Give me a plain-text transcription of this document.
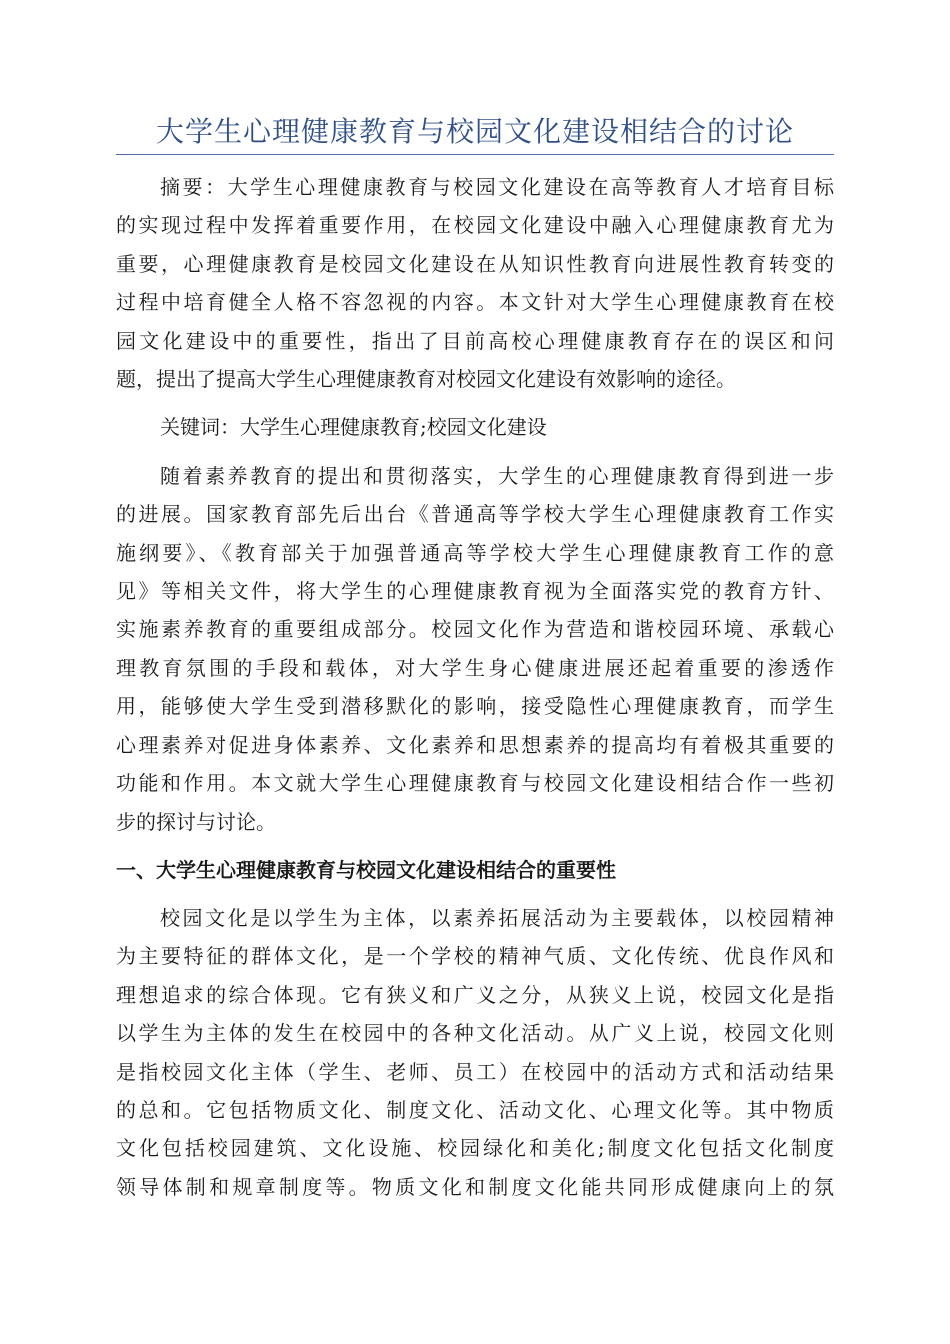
大学生心理健康教育与校园文化建设相结合的讨论
摘要：大学生心理健康教育与校园文化建设在高等教育人才培育目标
的实现过程中发挥着重要作用，在校园文化建设中融入心理健康教育尤为
重要，心理健康教育是校园文化建设在从知识性教育向进展性教育转变的
过程中培育健全人格不容忽视的内容。本文针对大学生心理健康教育在校
园文化建设中的重要性，指出了目前高校心理健康教育存在的误区和问
题，提出了提高大学生心理健康教育对校园文化建设有效影响的途径。
关键词：大学生心理健康教育;校园文化建设
随着素养教育的提出和贯彻落实，大学生的心理健康教育得到进一步
的进展。国家教育部先后出台《普通高等学校大学生心理健康教育工作实
施纲要》、《教育部关于加强普通高等学校大学生心理健康教育工作的意
见》等相关文件，将大学生的心理健康教育视为全面落实党的教育方针、
实施素养教育的重要组成部分。校园文化作为营造和谐校园环境、承载心
理教育氛围的手段和载体，对大学生身心健康进展还起着重要的渗透作
用，能够使大学生受到潜移默化的影响，接受隐性心理健康教育，而学生
心理素养对促进身体素养、文化素养和思想素养的提高均有着极其重要的
功能和作用。本文就大学生心理健康教育与校园文化建设相结合作一些初
步的探讨与讨论。
一、大学生心理健康教育与校园文化建设相结合的重要性
校园文化是以学生为主体，以素养拓展活动为主要载体，以校园精神
为主要特征的群体文化，是一个学校的精神气质、文化传统、优良作风和
理想追求的综合体现。它有狭义和广义之分，从狭义上说，校园文化是指
以学生为主体的发生在校园中的各种文化活动。从广义上说，校园文化则
是指校园文化主体（学生、老师、员工）在校园中的活动方式和活动结果
的总和。它包括物质文化、制度文化、活动文化、心理文化等。其中物质
文化包括校园建筑、文化设施、校园绿化和美化;制度文化包括文化制度
领导体制和规章制度等。物质文化和制度文化能共同形成健康向上的氛
